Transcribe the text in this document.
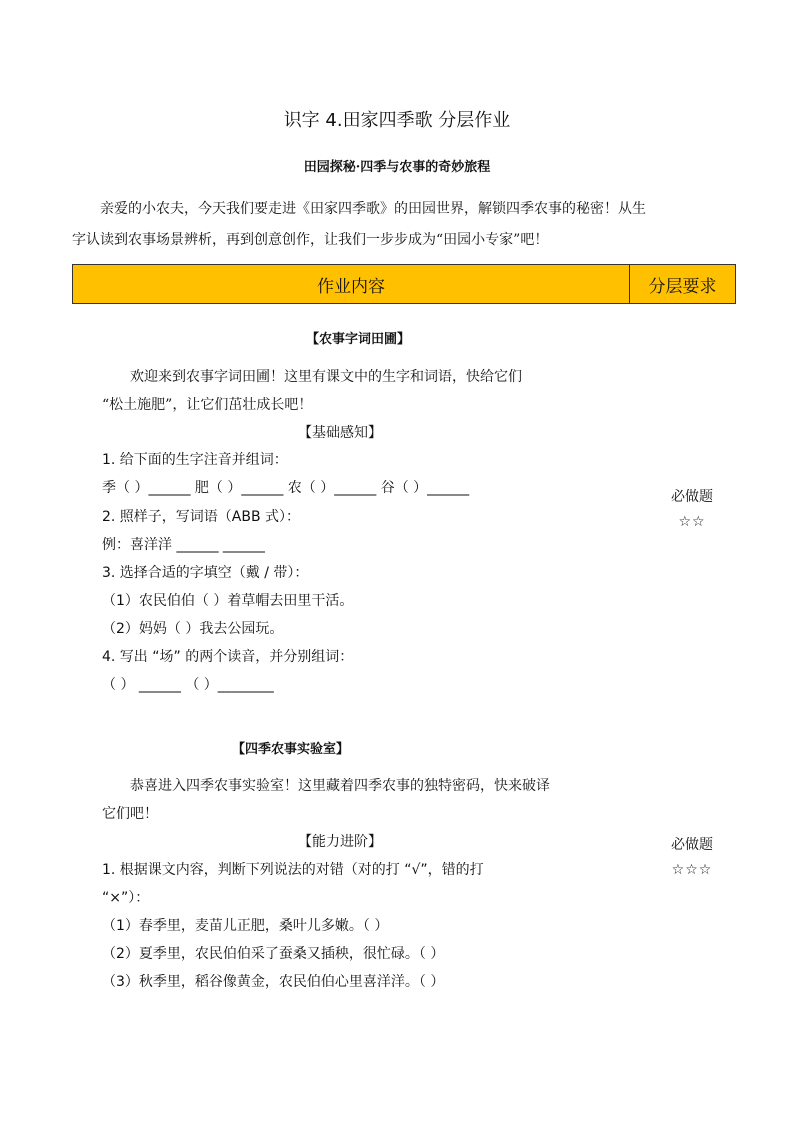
识字 4.田家四季歌 分层作业
田园探秘·四季与农事的奇妙旅程
亲爱的小农夫，今天我们要走进《田家四季歌》的田园世界，解锁四季农事的秘密！从生
字认读到农事场景辨析，再到创意创作，让我们一步步成为“田园小专家”吧！
作业内容	分层要求
【农事字词田圃】
欢迎来到农事字词田圃！这里有课文中的生字和词语，快给它们
“松土施肥”，让它们茁壮成长吧！
【基础感知】
1. 给下面的生字注音并组词：
季（ ）______ 肥（ ）______ 农（ ）______ 谷（ ）______
2. 照样子，写词语（ABB 式）：
例：喜洋洋 ______ ______
3. 选择合适的字填空（戴 / 带）：
（1）农民伯伯（ ）着草帽去田里干活。
（2）妈妈（ ）我去公园玩。
4. 写出 “场” 的两个读音，并分别组词：
（ ） ______ （ ）________
必做题
☆☆
【四季农事实验室】
恭喜进入四季农事实验室！这里藏着四季农事的独特密码，快来破译
它们吧！
【能力进阶】
1. 根据课文内容，判断下列说法的对错（对的打 “√”，错的打
“×”）：
（1）春季里，麦苗儿正肥，桑叶儿多嫩。（ ）
（2）夏季里，农民伯伯采了蚕桑又插秧，很忙碌。（ ）
（3）秋季里，稻谷像黄金，农民伯伯心里喜洋洋。（ ）
必做题
☆☆☆
